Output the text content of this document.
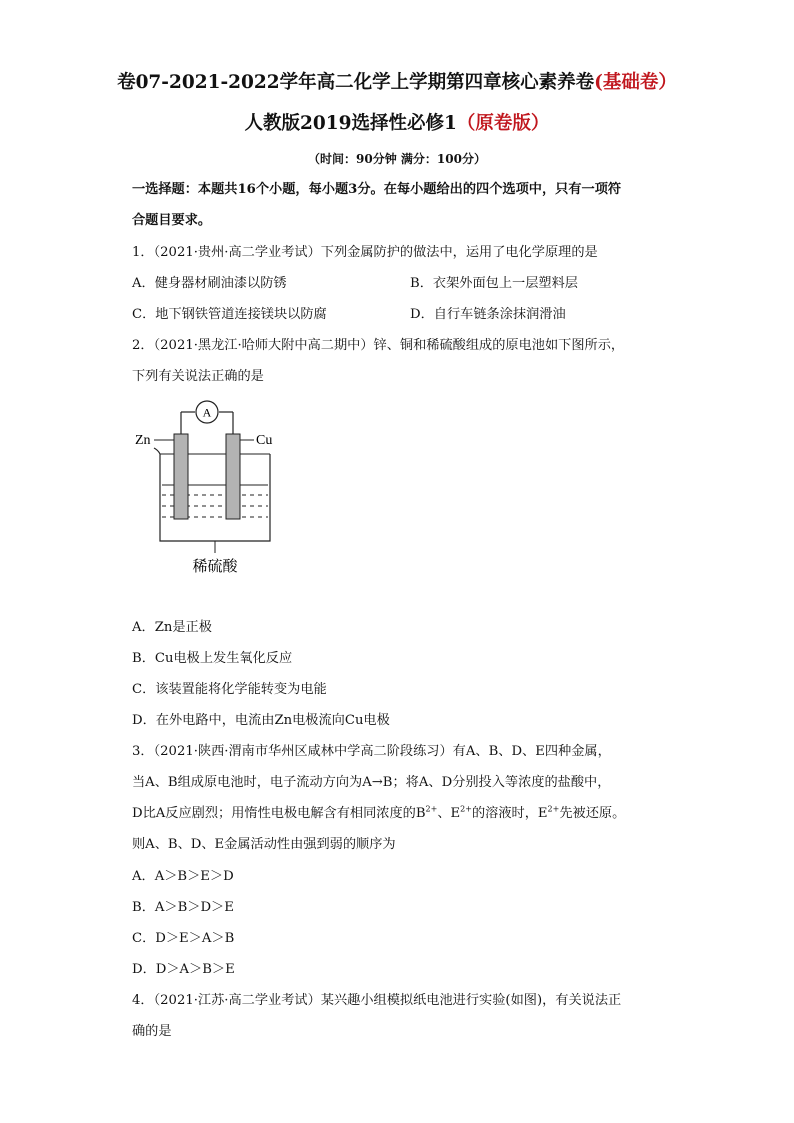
卷07-2021-2022学年高二化学上学期第四章核心素养卷(基础卷）
人教版2019选择性必修1（原卷版）
（时间：90分钟 满分：100分）
一选择题：本题共16个小题，每小题3分。在每小题给出的四个选项中，只有一项符
合题目要求。
1．（2021·贵州·高二学业考试）下列金属防护的做法中，运用了电化学原理的是
A．健身器材刷油漆以防锈	B．衣架外面包上一层塑料层
C．地下钢铁管道连接镁块以防腐	D．自行车链条涂抹润滑油
2．（2021·黑龙江·哈师大附中高二期中）锌、铜和稀硫酸组成的原电池如下图所示，
下列有关说法正确的是
A
Zn	Cu
稀硫酸
A．Zn是正极
B．Cu电极上发生氧化反应
C．该装置能将化学能转变为电能
D．在外电路中，电流由Zn电极流向Cu电极
3．（2021·陕西·渭南市华州区咸林中学高二阶段练习）有A、B、D、E四种金属，
当A、B组成原电池时，电子流动方向为A→B；将A、D分别投入等浓度的盐酸中，
D比A反应剧烈；用惰性电极电解含有相同浓度的$B^{2+}$、$E^{2+}$的溶液时，$E^{2+}$先被还原。
则A、B、D、E金属活动性由强到弱的顺序为
A．A＞B＞E＞D
B．A＞B＞D＞E
C．D＞E＞A＞B
D．D＞A＞B＞E
4．（2021·江苏·高二学业考试）某兴趣小组模拟纸电池进行实验(如图)，有关说法正
确的是
